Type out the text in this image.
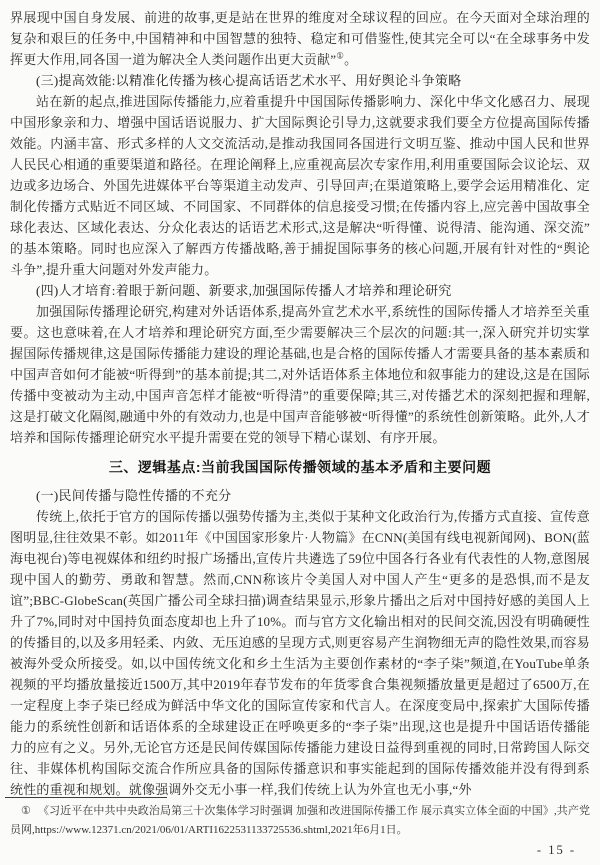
界展现中国自身发展、前进的故事,更是站在世界的维度对全球议程的回应。在今天面对全球治理的复杂和艰巨的任务中,中国精神和中国智慧的独特、稳定和可借鉴性,使其完全可以“在全球事务中发挥更大作用,同各国一道为解决全人类问题作出更大贡献”①。

(三)提高效能:以精准化传播为核心提高话语艺术水平、用好舆论斗争策略

站在新的起点,推进国际传播能力,应着重提升中国国际传播影响力、深化中华文化感召力、展现中国形象亲和力、增强中国话语说服力、扩大国际舆论引导力,这就要求我们要全方位提高国际传播效能。内涵丰富、形式多样的人文交流活动,是推动我国同各国进行文明互鉴、推动中国人民和世界人民民心相通的重要渠道和路径。在理论阐释上,应重视高层次专家作用,利用重要国际会议论坛、双边或多边场合、外国先进媒体平台等渠道主动发声、引导回声;在渠道策略上,要学会运用精准化、定制化传播方式贴近不同区域、不同国家、不同群体的信息接受习惯;在传播内容上,应完善中国故事全球化表达、区域化表达、分众化表达的话语艺术形式,这是解决“听得懂、说得清、能沟通、深交流”的基本策略。同时也应深入了解西方传播战略,善于捕捉国际事务的核心问题,开展有针对性的“舆论斗争”,提升重大问题对外发声能力。

(四)人才培育:着眼于新问题、新要求,加强国际传播人才培养和理论研究

加强国际传播理论研究,构建对外话语体系,提高外宣艺术水平,系统性的国际传播人才培养至关重要。这也意味着,在人才培养和理论研究方面,至少需要解决三个层次的问题:其一,深入研究并切实掌握国际传播规律,这是国际传播能力建设的理论基础,也是合格的国际传播人才需要具备的基本素质和中国声音如何才能被“听得到”的基本前提;其二,对外话语体系主体地位和叙事能力的建设,这是在国际传播中变被动为主动,中国声音怎样才能被“听得清”的重要保障;其三,对传播艺术的深刻把握和理解,这是打破文化隔阂,融通中外的有效动力,也是中国声音能够被“听得懂”的系统性创新策略。此外,人才培养和国际传播理论研究水平提升需要在党的领导下精心谋划、有序开展。

三、逻辑基点:当前我国国际传播领域的基本矛盾和主要问题

(一)民间传播与隐性传播的不充分

传统上,依托于官方的国际传播以强势传播为主,类似于某种文化政治行为,传播方式直接、宣传意图明显,往往效果不彰。如2011年《中国国家形象片·人物篇》在CNN(美国有线电视新闻网)、BON(蓝海电视台)等电视媒体和纽约时报广场播出,宣传片共遴选了59位中国各行各业有代表性的人物,意图展现中国人的勤劳、勇敢和智慧。然而,CNN称该片令美国人对中国人产生“更多的是恐惧,而不是友谊”;BBC-GlobeScan(英国广播公司全球扫描)调查结果显示,形象片播出之后对中国持好感的美国人上升了7%,同时对中国持负面态度却也上升了10%。而与官方文化输出相对的民间交流,因没有明确硬性的传播目的,以及多用轻柔、内敛、无压迫感的呈现方式,则更容易产生润物细无声的隐性效果,而容易被海外受众所接受。如,以中国传统文化和乡土生活为主要创作素材的“李子柒”频道,在YouTube单条视频的平均播放量接近1500万,其中2019年春节发布的年货零食合集视频播放量更是超过了6500万,在一定程度上李子柒已经成为鲜活中华文化的国际宣传家和代言人。在深度变局中,探索扩大国际传播能力的系统性创新和话语体系的全球建设正在呼唤更多的“李子柒”出现,这也是提升中国话语传播能力的应有之义。另外,无论官方还是民间传媒国际传播能力建设日益得到重视的同时,日常跨国人际交往、非媒体机构国际交流合作所应具备的国际传播意识和事实能起到的国际传播效能并没有得到系统性的重视和规划。就像强调外交无小事一样,我们传统上认为外宣也无小事,“外

① 《习近平在中共中央政治局第三十次集体学习时强调 加强和改进国际传播工作 展示真实立体全面的中国》,共产党员网,https://www.12371.cn/2021/06/01/ARTI1622531133725536.shtml,2021年6月1日。

- 15 -
